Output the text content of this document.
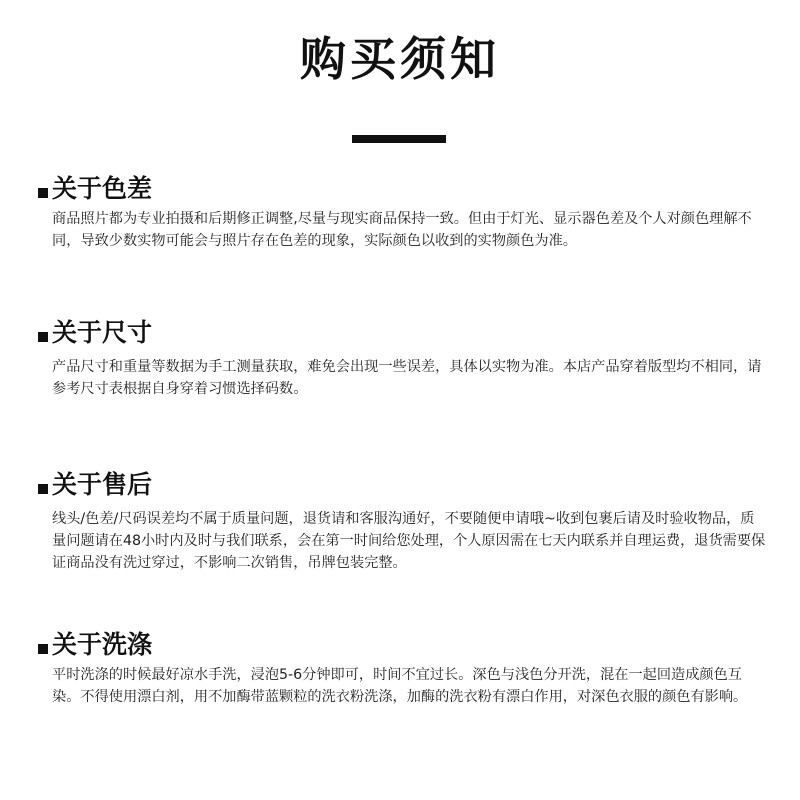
购买须知
关于色差
商品照片都为专业拍摄和后期修正调整,尽量与现实商品保持一致。但由于灯光、显示器色差及个人对颜色理解不同，导致少数实物可能会与照片存在色差的现象，实际颜色以收到的实物颜色为准。
关于尺寸
产品尺寸和重量等数据为手工测量获取，难免会出现一些误差，具体以实物为准。本店产品穿着版型均不相同，请参考尺寸表根据自身穿着习惯选择码数。
关于售后
线头/色差/尺码误差均不属于质量问题，退货请和客服沟通好，不要随便申请哦~收到包裹后请及时验收物品，质量问题请在48小时内及时与我们联系，会在第一时间给您处理，个人原因需在七天内联系并自理运费，退货需要保证商品没有洗过穿过，不影响二次销售，吊牌包装完整。
关于洗涤
平时洗涤的时候最好凉水手洗，浸泡5-6分钟即可，时间不宜过长。深色与浅色分开洗，混在一起回造成颜色互染。不得使用漂白剂，用不加酶带蓝颗粒的洗衣粉洗涤，加酶的洗衣粉有漂白作用，对深色衣服的颜色有影响。
